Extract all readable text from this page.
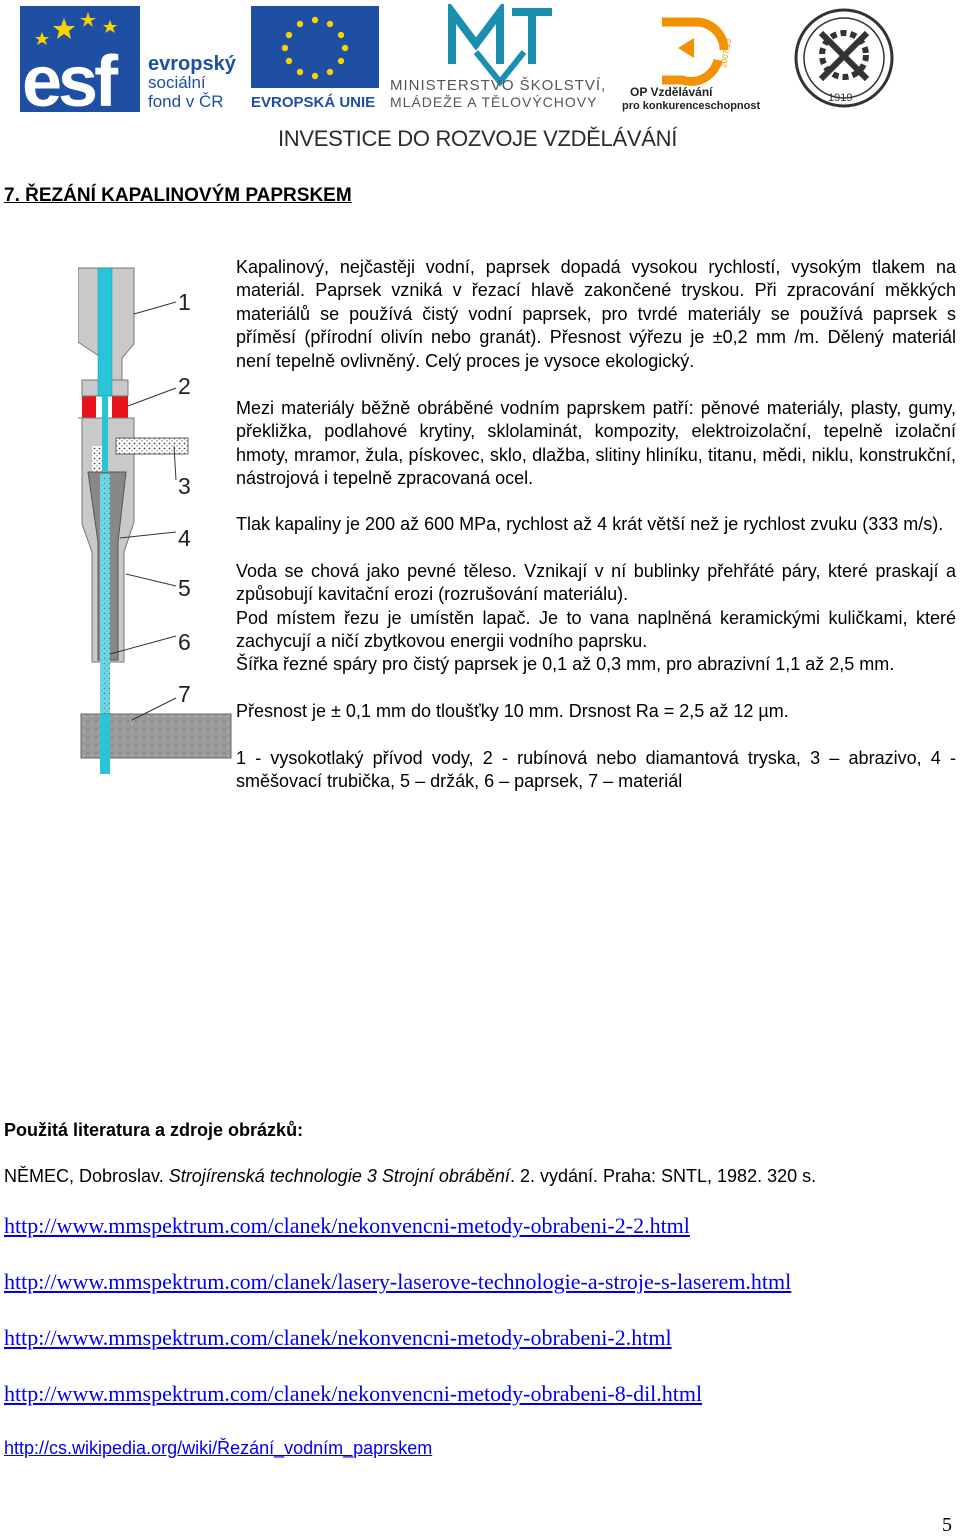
esf evropský
sociální
fond v ČR EVROPSKÁ UNIE
MINISTERSTVO ŠKOLSTVÍ,
MLÁDEŽE A TĚLOVÝCHOVY
2007-13
OP Vzdělávání
pro konkurenceschopnost
1919
INVESTICE DO ROZVOJE VZDĚLÁVÁNÍ
7. ŘEZÁNÍ KAPALINOVÝM PAPRSKEM
1
2
3
4
5
6
7

Kapalinový, nejčastěji vodní, paprsek dopadá vysokou rychlostí, vysokým tlakem na materiál. Paprsek vzniká v řezací hlavě zakončené tryskou. Při zpracování měkkých materiálů se používá čistý vodní paprsek, pro tvrdé materiály se používá paprsek s příměsí (přírodní olivín nebo granát). Přesnost výřezu je ±0,2 mm /m. Dělený materiál není tepelně ovlivněný. Celý proces je vysoce ekologický.

Mezi materiály běžně obráběné vodním paprskem patří: pěnové materiály, plasty, gumy, překližka, podlahové krytiny, sklolaminát, kompozity, elektroizolační, tepelně izolační hmoty, mramor, žula, pískovec, sklo, dlažba, slitiny hliníku, titanu, mědi, niklu, konstrukční, nástrojová i tepelně zpracovaná ocel.

Tlak kapaliny je 200 až 600 MPa, rychlost až 4 krát větší než je rychlost zvuku (333 m/s).

Voda se chová jako pevné těleso. Vznikají v ní bublinky přehřáté páry, které praskají a způsobují kavitační erozi (rozrušování materiálu).

Pod místem řezu je umístěn lapač. Je to vana naplněná keramickými kuličkami, které zachycují a ničí zbytkovou energii vodního paprsku.

Šířka řezné spáry pro čistý paprsek je 0,1 až 0,3 mm, pro abrazivní 1,1 až 2,5 mm.

Přesnost je ± 0,1 mm do tloušťky 10 mm. Drsnost Ra = 2,5 až 12 µm.

1 - vysokotlaký přívod vody, 2 - rubínová nebo diamantová tryska, 3 – abrazivo, 4 - směšovací trubička, 5 – držák, 6 – paprsek, 7 – materiál

Použitá literatura a zdroje obrázků:
NĚMEC, Dobroslav. Strojírenská technologie 3 Strojní obrábění. 2. vydání. Praha: SNTL, 1982. 320 s.
http://www.mmspektrum.com/clanek/nekonvencni-metody-obrabeni-2-2.html
http://www.mmspektrum.com/clanek/lasery-laserove-technologie-a-stroje-s-laserem.html
http://www.mmspektrum.com/clanek/nekonvencni-metody-obrabeni-2.html
http://www.mmspektrum.com/clanek/nekonvencni-metody-obrabeni-8-dil.html
http://cs.wikipedia.org/wiki/Řezání_vodním_paprskem
5
